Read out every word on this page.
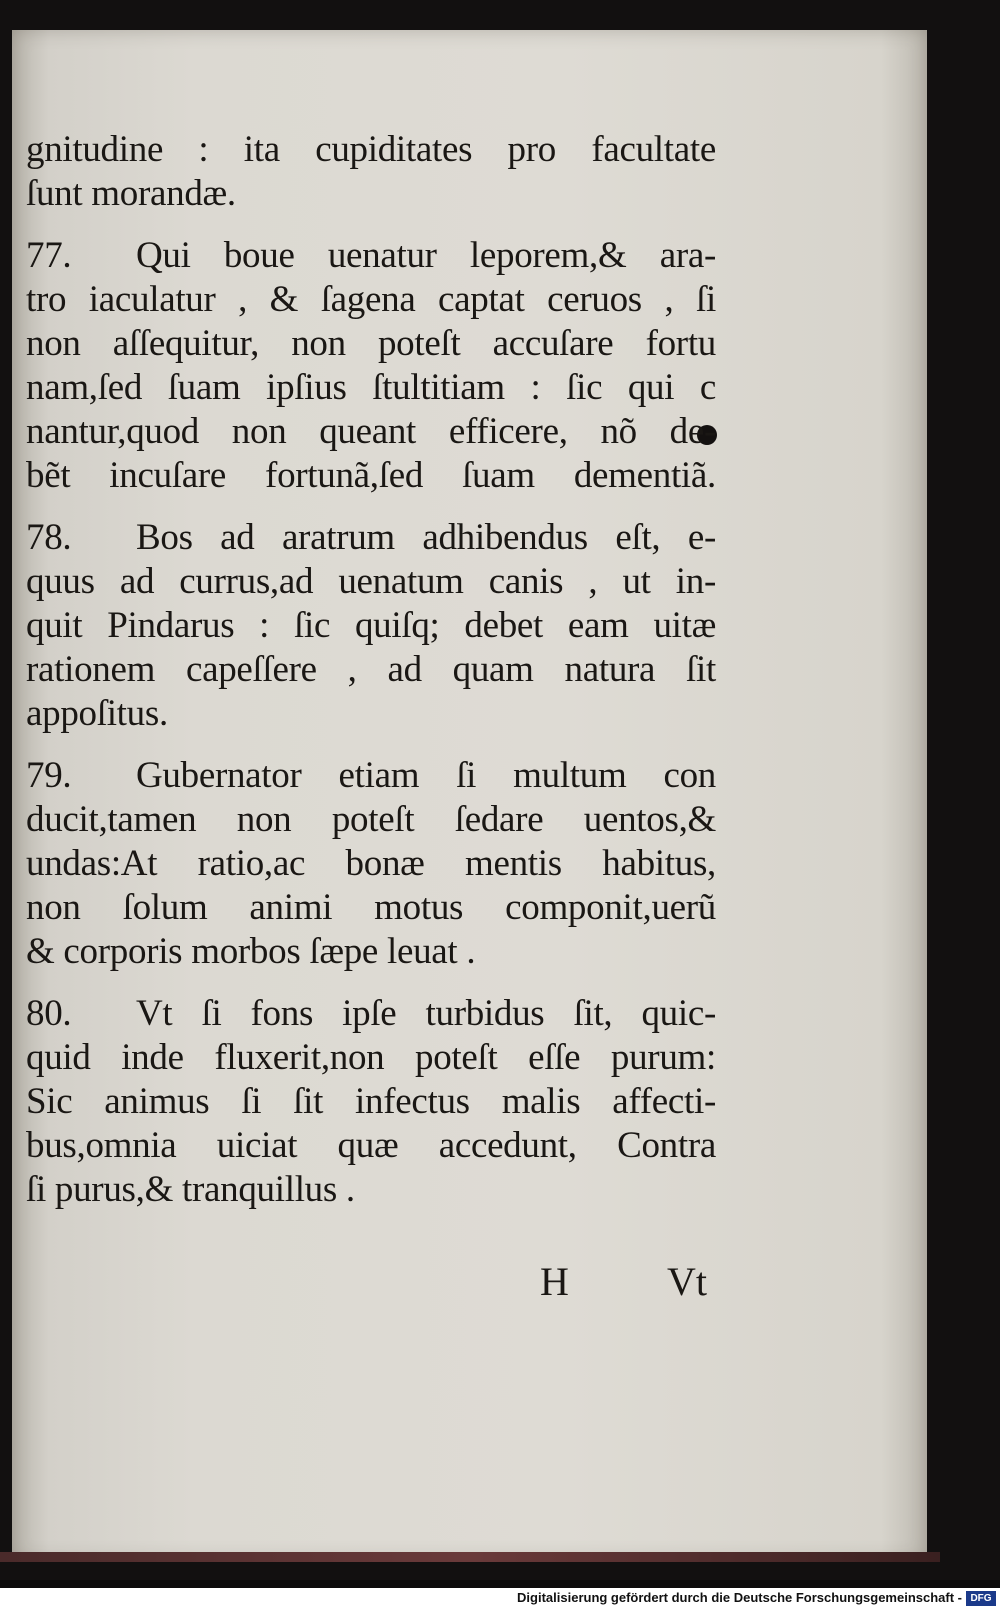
gnitudine : ita cupiditates pro facultate
ſunt morandæ.
77. Qui boue uenatur leporem,& ara-
tro iaculatur , & ſagena captat ceruos , ſi
non aſſequitur, non poteſt accuſare fortu
nam,ſed ſuam ipſius ſtultitiam : ſic qui c
nantur,quod non queant efficere, nõ de-
bẽt incuſare fortunã,ſed ſuam dementiã.
78. Bos ad aratrum adhibendus eſt, e-
quus ad currus,ad uenatum canis , ut in-
quit Pindarus : ſic quiſq; debet eam uitæ
rationem capeſſere , ad quam natura ſit
appoſitus.
79. Gubernator etiam ſi multum con
ducit,tamen non poteſt ſedare uentos,&
undas:At ratio,ac bonæ mentis habitus,
non ſolum animi motus componit,uerũ
& corporis morbos ſæpe leuat .
80. Vt ſi fons ipſe turbidus ſit, quic-
quid inde fluxerit,non poteſt eſſe purum:
Sic animus ſi ſit infectus malis affecti-
bus,omnia uiciat quæ accedunt, Contra
ſi purus,& tranquillus .
H Vt
Digitalisierung gefördert durch die Deutsche Forschungsgemeinschaft - DFG
